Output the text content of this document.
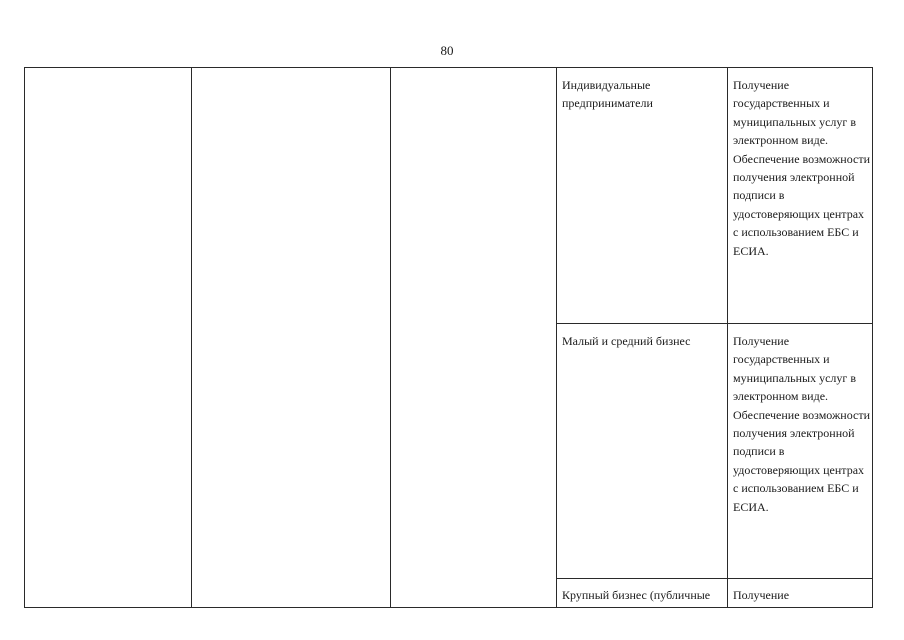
80

			Индивидуальные предприниматели	Получение государственных и муниципальных услуг в электронном виде. Обеспечение возможности получения электронной подписи в удостоверяющих центрах с использованием ЕБС и ЕСИА.

			Малый и средний бизнес	Получение государственных и муниципальных услуг в электронном виде. Обеспечение возможности получения электронной подписи в удостоверяющих центрах с использованием ЕБС и ЕСИА.

			Крупный бизнес (публичные	Получение
